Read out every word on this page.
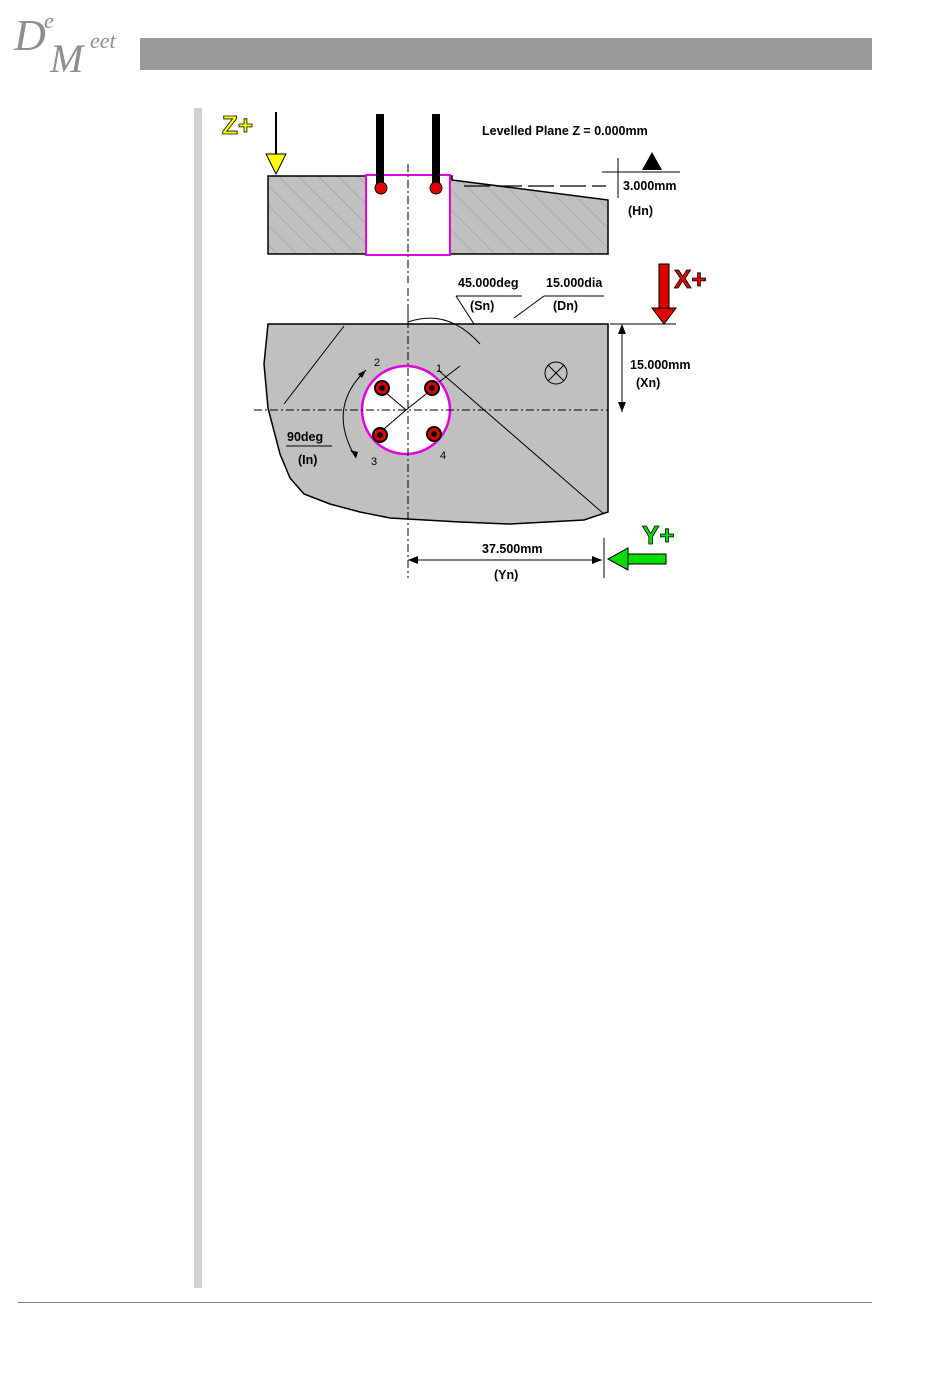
D
e
M eet
Z+	Levelled Plane Z = 0.000mm
3.000mm
(Hn)
1
2
3	4
45.000deg
(Sn)
15.000dia
(Dn)
90deg
(In)
15.000mm
(Xn)
X+
37.500mm
(Yn)
Y+
